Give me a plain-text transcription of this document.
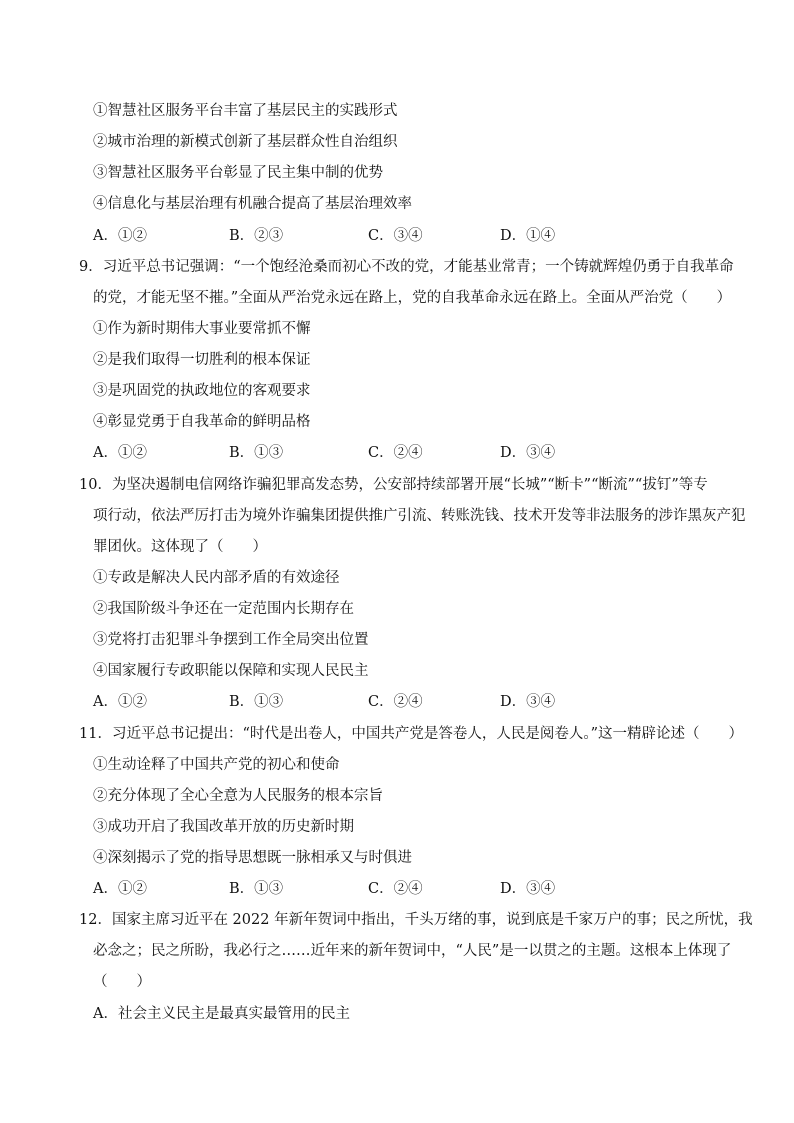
①智慧社区服务平台丰富了基层民主的实践形式
②城市治理的新模式创新了基层群众性自治组织
③智慧社区服务平台彰显了民主集中制的优势
④信息化与基层治理有机融合提高了基层治理效率
A．①②	B．②③	C．③④	D．①④
9．习近平总书记强调：“一个饱经沧桑而初心不改的党，才能基业常青；一个铸就辉煌仍勇于自我革命
的党，才能无坚不摧。”全面从严治党永远在路上，党的自我革命永远在路上。全面从严治党（　　）
①作为新时期伟大事业要常抓不懈
②是我们取得一切胜利的根本保证
③是巩固党的执政地位的客观要求
④彰显党勇于自我革命的鲜明品格
A．①②	B．①③	C．②④	D．③④
10．为坚决遏制电信网络诈骗犯罪高发态势，公安部持续部署开展“长城”“断卡”“断流”“拔钉”等专
项行动，依法严厉打击为境外诈骗集团提供推广引流、转账洗钱、技术开发等非法服务的涉诈黑灰产犯
罪团伙。这体现了（　　）
①专政是解决人民内部矛盾的有效途径
②我国阶级斗争还在一定范围内长期存在
③党将打击犯罪斗争摆到工作全局突出位置
④国家履行专政职能以保障和实现人民民主
A．①②	B．①③	C．②④	D．③④
11．习近平总书记提出：“时代是出卷人，中国共产党是答卷人，人民是阅卷人。”这一精辟论述（　　）
①生动诠释了中国共产党的初心和使命
②充分体现了全心全意为人民服务的根本宗旨
③成功开启了我国改革开放的历史新时期
④深刻揭示了党的指导思想既一脉相承又与时俱进
A．①②	B．①③	C．②④	D．③④
12．国家主席习近平在 2022 年新年贺词中指出，千头万绪的事，说到底是千家万户的事；民之所忧，我
必念之；民之所盼，我必行之……近年来的新年贺词中，“人民”是一以贯之的主题。这根本上体现了
（　　）
A．社会主义民主是最真实最管用的民主
